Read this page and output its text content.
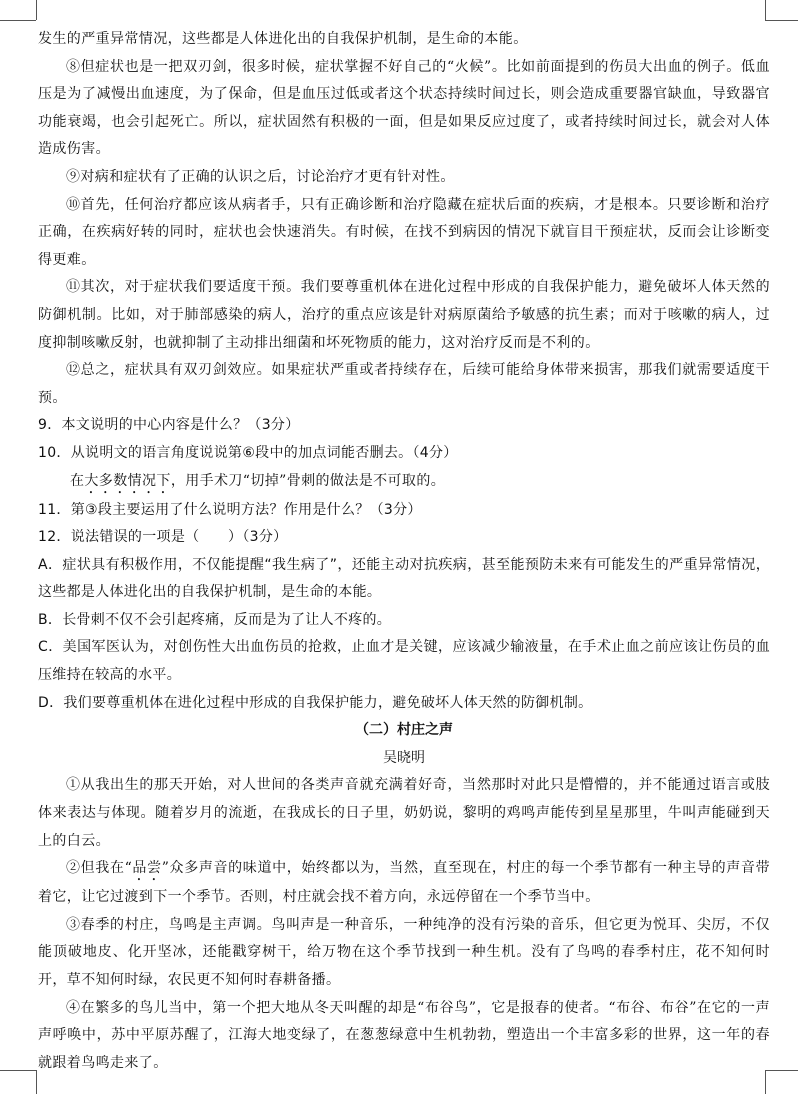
发生的严重异常情况，这些都是人体进化出的自我保护机制，是生命的本能。

⑧但症状也是一把双刃剑，很多时候，症状掌握不好自己的“火候”。比如前面提到的伤员大出血的例子。低血压是为了减慢出血速度，为了保命，但是血压过低或者这个状态持续时间过长，则会造成重要器官缺血，导致器官功能衰竭，也会引起死亡。所以，症状固然有积极的一面，但是如果反应过度了，或者持续时间过长，就会对人体造成伤害。

⑨对病和症状有了正确的认识之后，讨论治疗才更有针对性。

⑩首先，任何治疗都应该从病者手，只有正确诊断和治疗隐藏在症状后面的疾病，才是根本。只要诊断和治疗正确，在疾病好转的同时，症状也会快速消失。有时候，在找不到病因的情况下就盲目干预症状，反而会让诊断变得更难。

⑪其次，对于症状我们要适度干预。我们要尊重机体在进化过程中形成的自我保护能力，避免破坏人体天然的防御机制。比如，对于肺部感染的病人，治疗的重点应该是针对病原菌给予敏感的抗生素；而对于咳嗽的病人，过度抑制咳嗽反射，也就抑制了主动排出细菌和坏死物质的能力，这对治疗反而是不利的。

⑫总之，症状具有双刃剑效应。如果症状严重或者持续存在，后续可能给身体带来损害，那我们就需要适度干预。

9．本文说明的中心内容是什么？（3分）

10．从说明文的语言角度说说第⑥段中的加点词能否删去。（4分）

在大多数情况下，用手术刀“切掉”骨刺的做法是不可取的。

11．第③段主要运用了什么说明方法？作用是什么？（3分）

12．说法错误的一项是（　　）（3分）

A．症状具有积极作用，不仅能提醒“我生病了”，还能主动对抗疾病，甚至能预防未来有可能发生的严重异常情况，这些都是人体进化出的自我保护机制，是生命的本能。

B．长骨刺不仅不会引起疼痛，反而是为了让人不疼的。

C．美国军医认为，对创伤性大出血伤员的抢救，止血才是关键，应该减少输液量，在手术止血之前应该让伤员的血压维持在较高的水平。

D．我们要尊重机体在进化过程中形成的自我保护能力，避免破坏人体天然的防御机制。

（二）村庄之声

吴晓明

①从我出生的那天开始，对人世间的各类声音就充满着好奇，当然那时对此只是懵懵的，并不能通过语言或肢体来表达与体现。随着岁月的流逝，在我成长的日子里，奶奶说，黎明的鸡鸣声能传到星星那里，牛叫声能碰到天上的白云。

②但我在“品尝”众多声音的味道中，始终都以为，当然，直至现在，村庄的每一个季节都有一种主导的声音带着它，让它过渡到下一个季节。否则，村庄就会找不着方向，永远停留在一个季节当中。

③春季的村庄，鸟鸣是主声调。鸟叫声是一种音乐，一种纯净的没有污染的音乐，但它更为悦耳、尖厉，不仅能顶破地皮、化开坚冰，还能戳穿树干，给万物在这个季节找到一种生机。没有了鸟鸣的春季村庄，花不知何时开，草不知何时绿，农民更不知何时春耕备播。

④在繁多的鸟儿当中，第一个把大地从冬天叫醒的却是“布谷鸟”，它是报春的使者。“布谷、布谷”在它的一声声呼唤中，苏中平原苏醒了，江海大地变绿了，在葱葱绿意中生机勃勃，塑造出一个丰富多彩的世界，这一年的春就跟着鸟鸣走来了。
